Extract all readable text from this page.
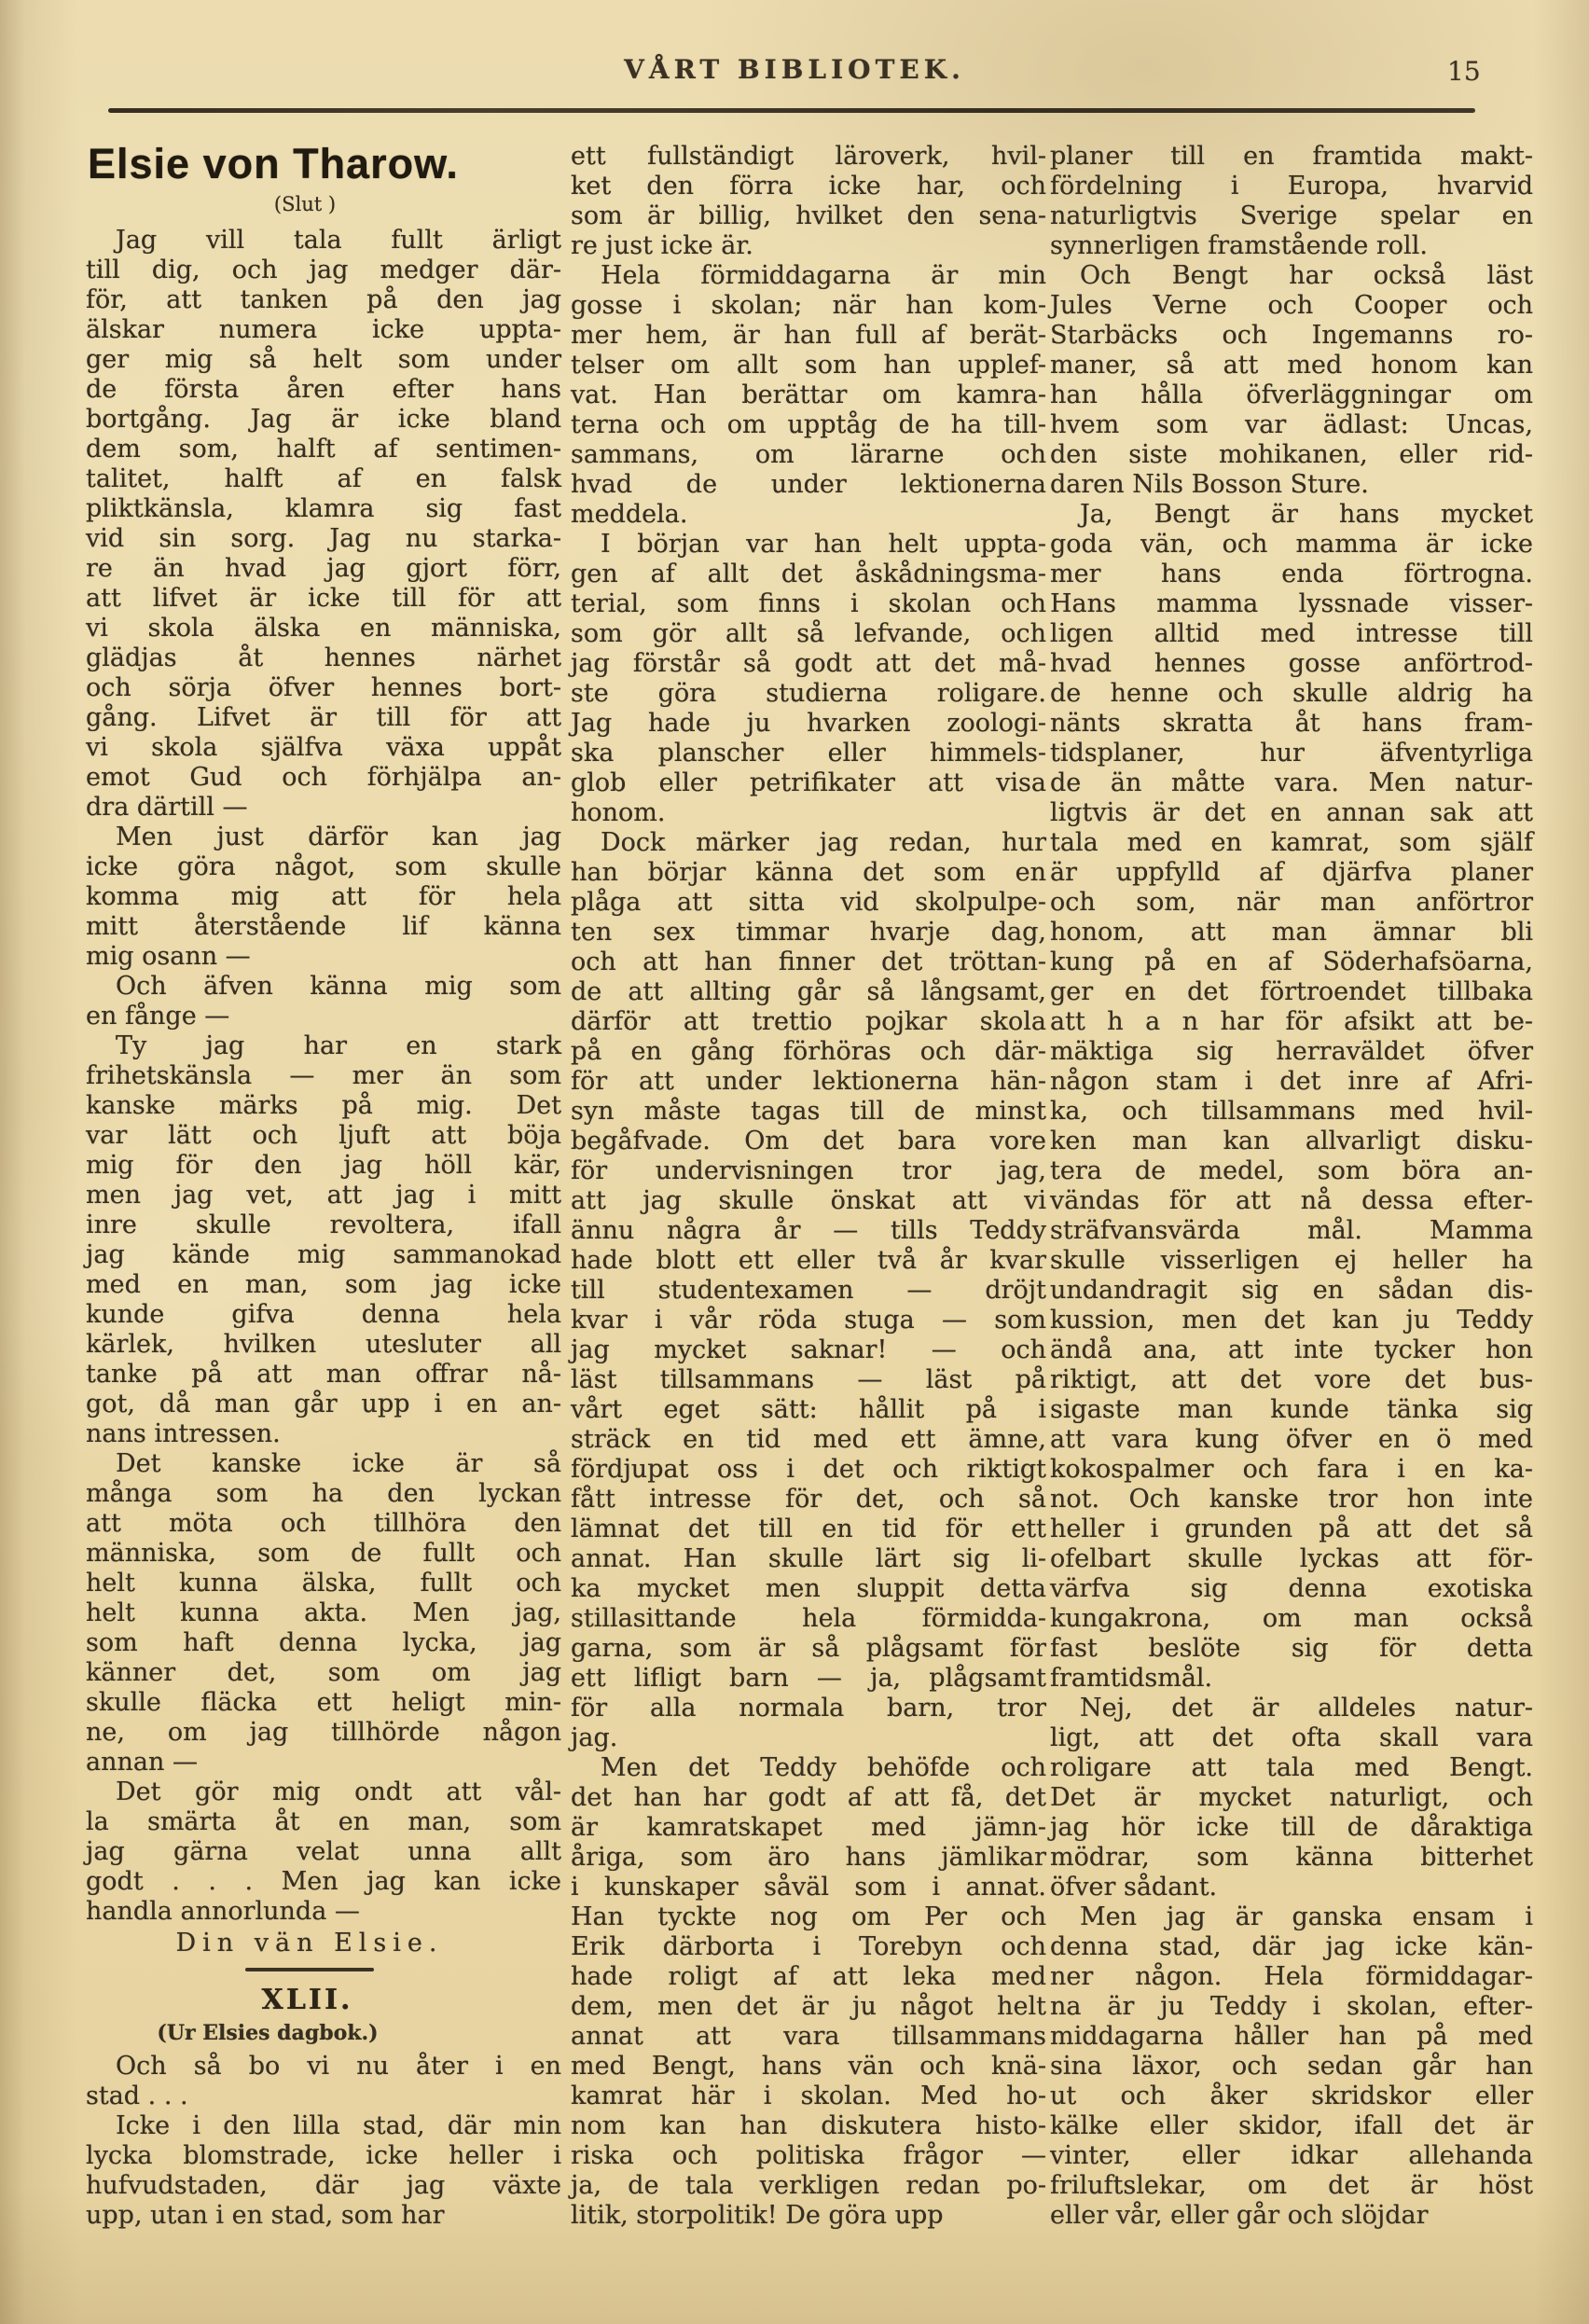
VÅRT BIBLIOTEK.	15
Elsie von Tharow.
(Slut )
Jag vill tala fullt ärligt
till dig, och jag medger där-
för, att tanken på den jag
älskar numera icke uppta-
ger mig så helt som under
de första åren efter hans
bortgång. Jag är icke bland
dem som, halft af sentimen-
talitet, halft af en falsk
pliktkänsla, klamra sig fast
vid sin sorg. Jag nu starka-
re än hvad jag gjort förr,
att lifvet är icke till för att
vi skola älska en människa,
glädjas åt hennes närhet
och sörja öfver hennes bort-
gång. Lifvet är till för att
vi skola själfva växa uppåt
emot Gud och förhjälpa an-
dra därtill —
Men just därför kan jag
icke göra något, som skulle
komma mig att för hela
mitt återstående lif känna
mig osann —
Och äfven känna mig som
en fånge —
Ty jag har en stark
frihetskänsla — mer än som
kanske märks på mig. Det
var lätt och ljuft att böja
mig för den jag höll kär,
men jag vet, att jag i mitt
inre skulle revoltera, ifall
jag kände mig sammanokad
med en man, som jag icke
kunde gifva denna hela
kärlek, hvilken utesluter all
tanke på att man offrar nå-
got, då man går upp i en an-
nans intressen.
Det kanske icke är så
många som ha den lyckan
att möta och tillhöra den
människa, som de fullt och
helt kunna älska, fullt och
helt kunna akta. Men jag,
som haft denna lycka, jag
känner det, som om jag
skulle fläcka ett heligt min-
ne, om jag tillhörde någon
annan —
Det gör mig ondt att vål-
la smärta åt en man, som
jag gärna velat unna allt
godt . . . Men jag kan icke
handla annorlunda —
Din vän Elsie.
XLII.
(Ur Elsies dagbok.)
Och så bo vi nu åter i en
stad . . .
Icke i den lilla stad, där min
lycka blomstrade, icke heller i
hufvudstaden, där jag växte
upp, utan i en stad, som har
ett fullständigt läroverk, hvil-
ket den förra icke har, och
som är billig, hvilket den sena-
re just icke är.
Hela förmiddagarna är min
gosse i skolan; när han kom-
mer hem, är han full af berät-
telser om allt som han upplef-
vat. Han berättar om kamra-
terna och om upptåg de ha till-
sammans, om lärarne och
hvad de under lektionerna
meddela.
I början var han helt uppta-
gen af allt det åskådningsma-
terial, som finns i skolan och
som gör allt så lefvande, och
jag förstår så godt att det må-
ste göra studierna roligare.
Jag hade ju hvarken zoologi-
ska planscher eller himmels-
glob eller petrifikater att visa
honom.
Dock märker jag redan, hur
han börjar känna det som en
plåga att sitta vid skolpulpe-
ten sex timmar hvarje dag,
och att han finner det tröttan-
de att allting går så långsamt,
därför att trettio pojkar skola
på en gång förhöras och där-
för att under lektionerna hän-
syn måste tagas till de minst
begåfvade. Om det bara vore
för undervisningen tror jag,
att jag skulle önskat att vi
ännu några år — tills Teddy
hade blott ett eller två år kvar
till studentexamen — dröjt
kvar i vår röda stuga — som
jag mycket saknar! — och
läst tillsammans — läst på
vårt eget sätt: hållit på i
sträck en tid med ett ämne,
fördjupat oss i det och riktigt
fått intresse för det, och så
lämnat det till en tid för ett
annat. Han skulle lärt sig li-
ka mycket men sluppit detta
stillasittande hela förmidda-
garna, som är så plågsamt för
ett lifligt barn — ja, plågsamt
för alla normala barn, tror
jag.
Men det Teddy behöfde och
det han har godt af att få, det
är kamratskapet med jämn-
åriga, som äro hans jämlikar
i kunskaper såväl som i annat.
Han tyckte nog om Per och
Erik därborta i Torebyn och
hade roligt af att leka med
dem, men det är ju något helt
annat att vara tillsammans
med Bengt, hans vän och knä-
kamrat här i skolan. Med ho-
nom kan han diskutera histo-
riska och politiska frågor —
ja, de tala verkligen redan po-
litik, storpolitik! De göra upp
planer till en framtida makt-
fördelning i Europa, hvarvid
naturligtvis Sverige spelar en
synnerligen framstående roll.
Och Bengt har också läst
Jules Verne och Cooper och
Starbäcks och Ingemanns ro-
maner, så att med honom kan
han hålla öfverläggningar om
hvem som var ädlast: Uncas,
den siste mohikanen, eller rid-
daren Nils Bosson Sture.
Ja, Bengt är hans mycket
goda vän, och mamma är icke
mer hans enda förtrogna.
Hans mamma lyssnade visser-
ligen alltid med intresse till
hvad hennes gosse anförtrod-
de henne och skulle aldrig ha
nänts skratta åt hans fram-
tidsplaner, hur äfventyrliga
de än måtte vara. Men natur-
ligtvis är det en annan sak att
tala med en kamrat, som själf
är uppfylld af djärfva planer
och som, när man anförtror
honom, att man ämnar bli
kung på en af Söderhafsöarna,
ger en det förtroendet tillbaka
att h a n har för afsikt att be-
mäktiga sig herraväldet öfver
någon stam i det inre af Afri-
ka, och tillsammans med hvil-
ken man kan allvarligt disku-
tera de medel, som böra an-
vändas för att nå dessa efter-
sträfvansvärda mål. Mamma
skulle visserligen ej heller ha
undandragit sig en sådan dis-
kussion, men det kan ju Teddy
ändå ana, att inte tycker hon
riktigt, att det vore det bus-
sigaste man kunde tänka sig
att vara kung öfver en ö med
kokospalmer och fara i en ka-
not. Och kanske tror hon inte
heller i grunden på att det så
ofelbart skulle lyckas att för-
värfva sig denna exotiska
kungakrona, om man också
fast beslöte sig för detta
framtidsmål.
Nej, det är alldeles natur-
ligt, att det ofta skall vara
roligare att tala med Bengt.
Det är mycket naturligt, och
jag hör icke till de dåraktiga
mödrar, som känna bitterhet
öfver sådant.
Men jag är ganska ensam i
denna stad, där jag icke kän-
ner någon. Hela förmiddagar-
na är ju Teddy i skolan, efter-
middagarna håller han på med
sina läxor, och sedan går han
ut och åker skridskor eller
kälke eller skidor, ifall det är
vinter, eller idkar allehanda
friluftslekar, om det är höst
eller vår, eller går och slöjdar
